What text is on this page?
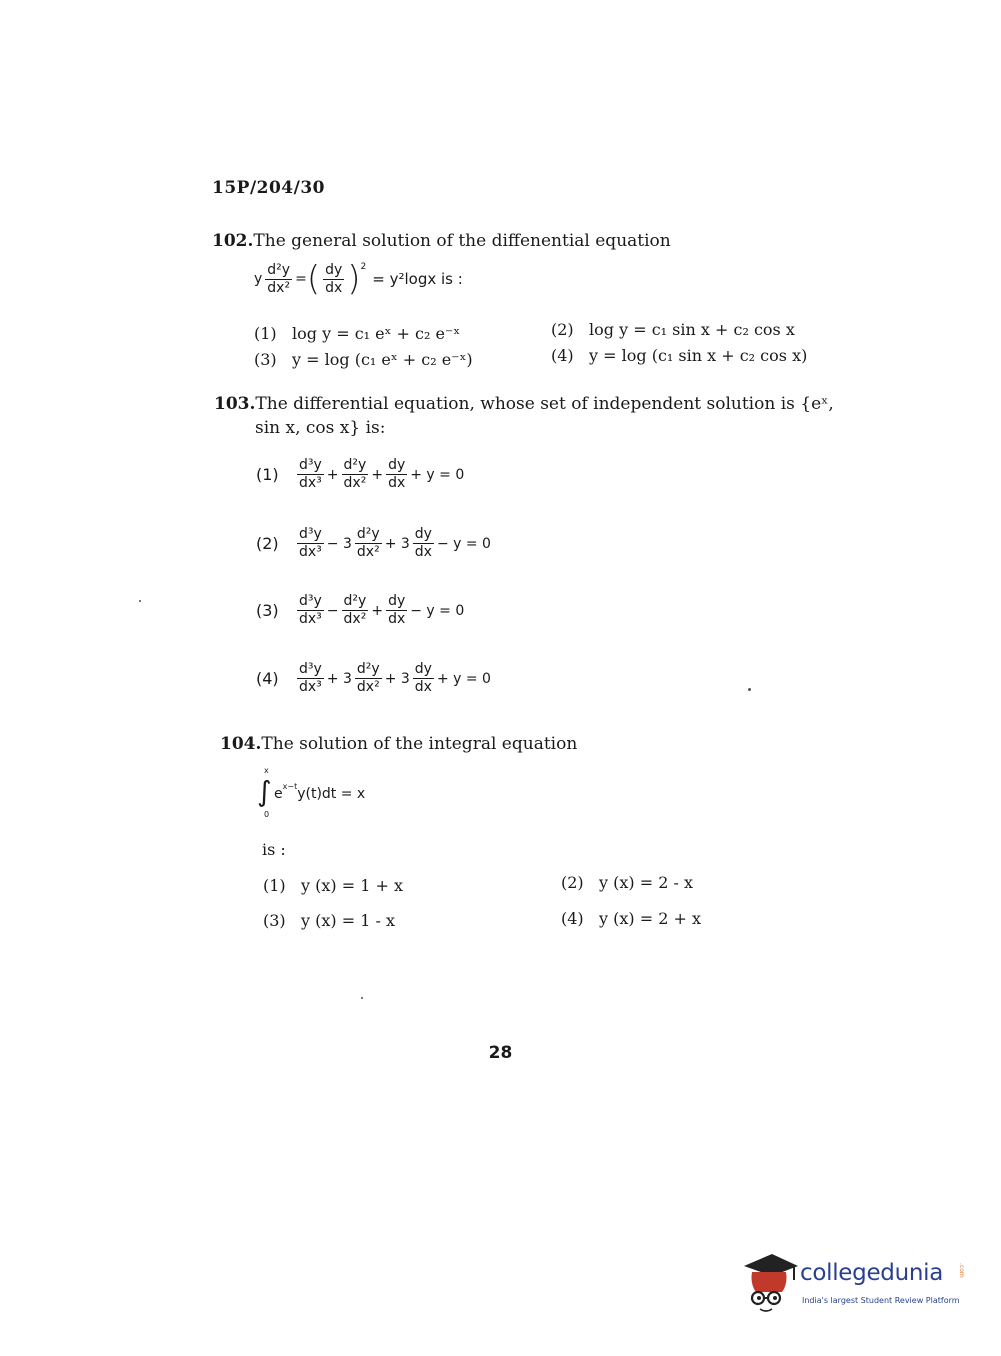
15P/204/30
102.The general solution of the diffenential equation
y $\frac{\text{d²y}}{\text{dx²}}$ = ( $\frac{dy}{dx}$ ) 2
= y²logx is :
(1) log y = c₁ eˣ + c₂ e⁻ˣ	(2) log y = c₁ sin x + c₂ cos x
(3) y = log (c₁ eˣ + c₂ e⁻ˣ)	(4) y = log (c₁ sin x + c₂ cos x)
103.The differential equation, whose set of independent solution is {eˣ,
sin x, cos x} is:
(1)	$\frac{\text{d³y}}{\text{dx³}} + \frac{\text{d²y}}{\text{dx²}} + \frac{dy}{dx} + y = 0$
(2)	$\frac{\text{d³y}}{\text{dx³}} - 3 \frac{\text{d²y}}{\text{dx²}} + 3 \frac{dy}{dx} - y = 0$
(3)	$\frac{\text{d³y}}{\text{dx³}} - \frac{\text{d²y}}{\text{dx²}} + \frac{dy}{dx} - y = 0$
(4)	$\frac{\text{d³y}}{\text{dx³}} + 3 \frac{\text{d²y}}{\text{dx²}} + 3 \frac{dy}{dx} + y = 0$
104.The solution of the integral equation
x
∫
0
e x−t y(t)dt = x
is :
(1) y (x) = 1 + x	(2) y (x) = 2 - x
(3) y (x) = 1 - x	(4) y (x) = 2 + x
28
collegedunia .com
India's largest Student Review Platform
